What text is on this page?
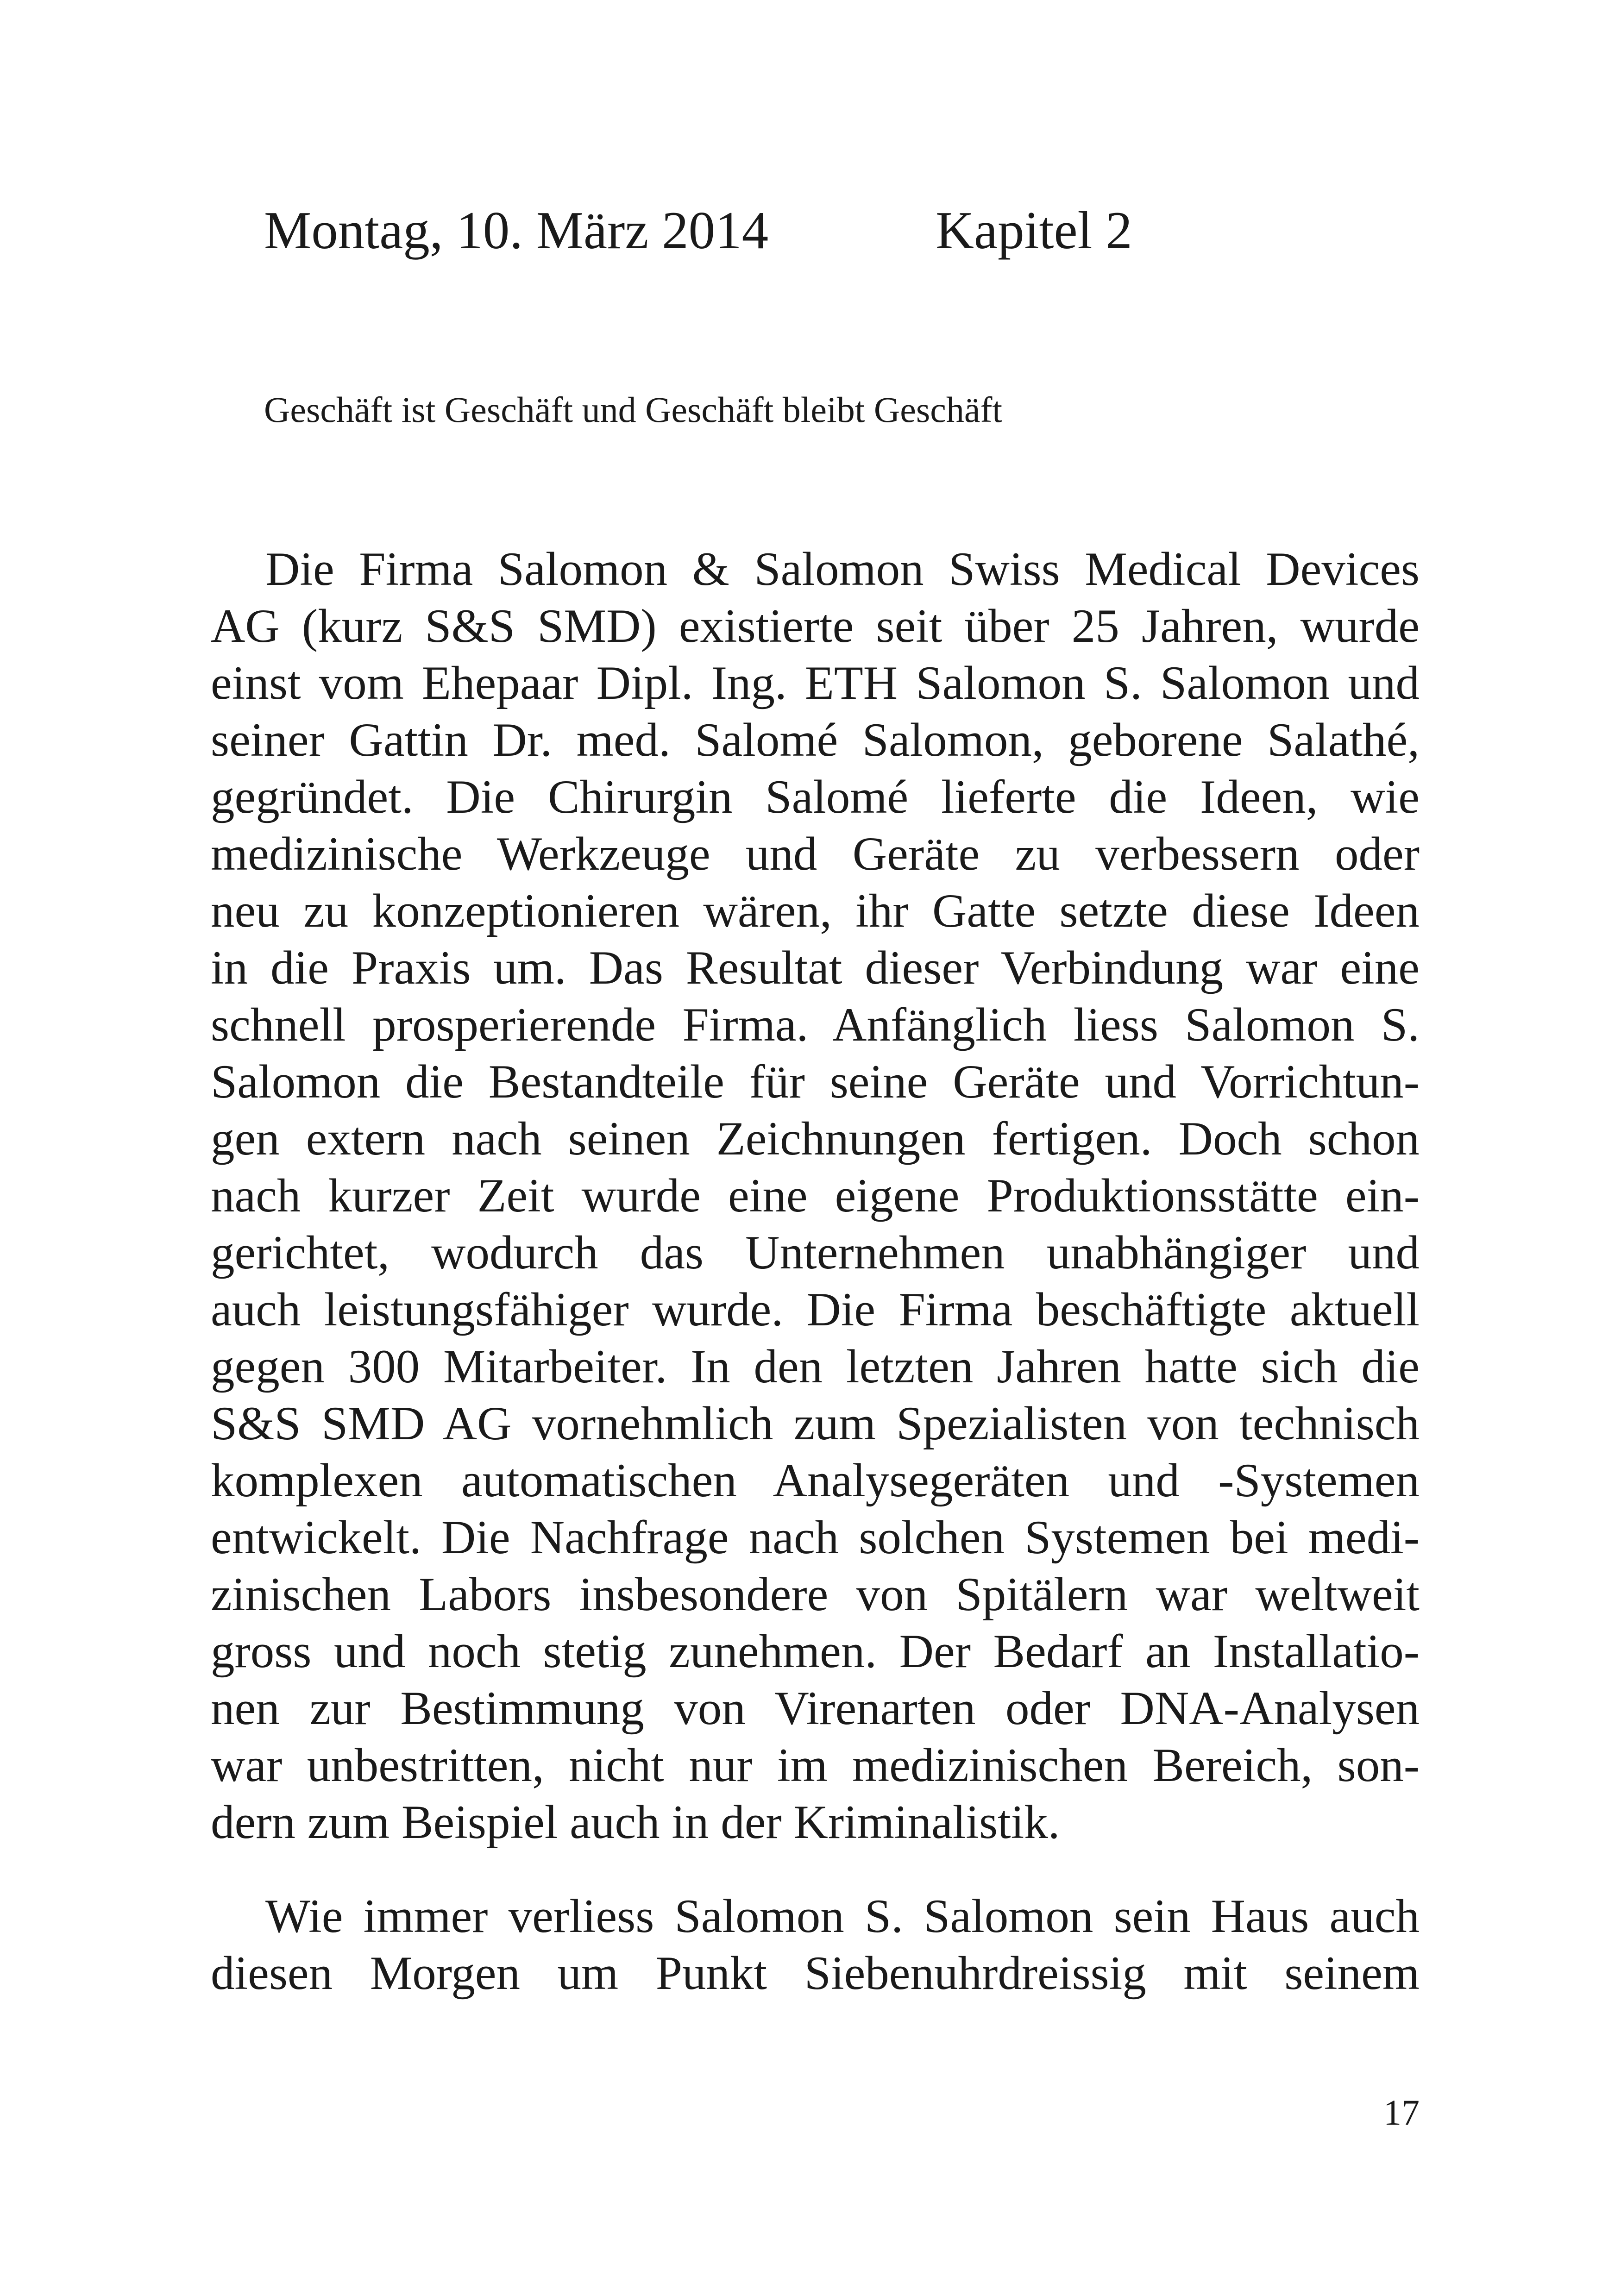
Montag, 10. März 2014	Kapitel 2
Geschäft ist Geschäft und Geschäft bleibt Geschäft
Die Firma Salomon & Salomon Swiss Medical Devices
AG (kurz S&S SMD) existierte seit über 25 Jahren, wurde
einst vom Ehepaar Dipl. Ing. ETH Salomon S. Salomon und
seiner Gattin Dr. med. Salomé Salomon, geborene Salathé,
gegründet. Die Chirurgin Salomé lieferte die Ideen, wie
medizinische Werkzeuge und Geräte zu verbessern oder
neu zu konzeptionieren wären, ihr Gatte setzte diese Ideen
in die Praxis um. Das Resultat dieser Verbindung war eine
schnell prosperierende Firma. Anfänglich liess Salomon S.
Salomon die Bestandteile für seine Geräte und Vorrichtun-
gen extern nach seinen Zeichnungen fertigen. Doch schon
nach kurzer Zeit wurde eine eigene Produktionsstätte ein-
gerichtet, wodurch das Unternehmen unabhängiger und
auch leistungsfähiger wurde. Die Firma beschäftigte aktuell
gegen 300 Mitarbeiter. In den letzten Jahren hatte sich die
S&S SMD AG vornehmlich zum Spezialisten von technisch
komplexen automatischen Analysegeräten und -Systemen
entwickelt. Die Nachfrage nach solchen Systemen bei medi-
zinischen Labors insbesondere von Spitälern war weltweit
gross und noch stetig zunehmen. Der Bedarf an Installatio-
nen zur Bestimmung von Virenarten oder DNA-Analysen
war unbestritten, nicht nur im medizinischen Bereich, son-
dern zum Beispiel auch in der Kriminalistik.
Wie immer verliess Salomon S. Salomon sein Haus auch
diesen Morgen um Punkt Siebenuhrdreissig mit seinem
17
